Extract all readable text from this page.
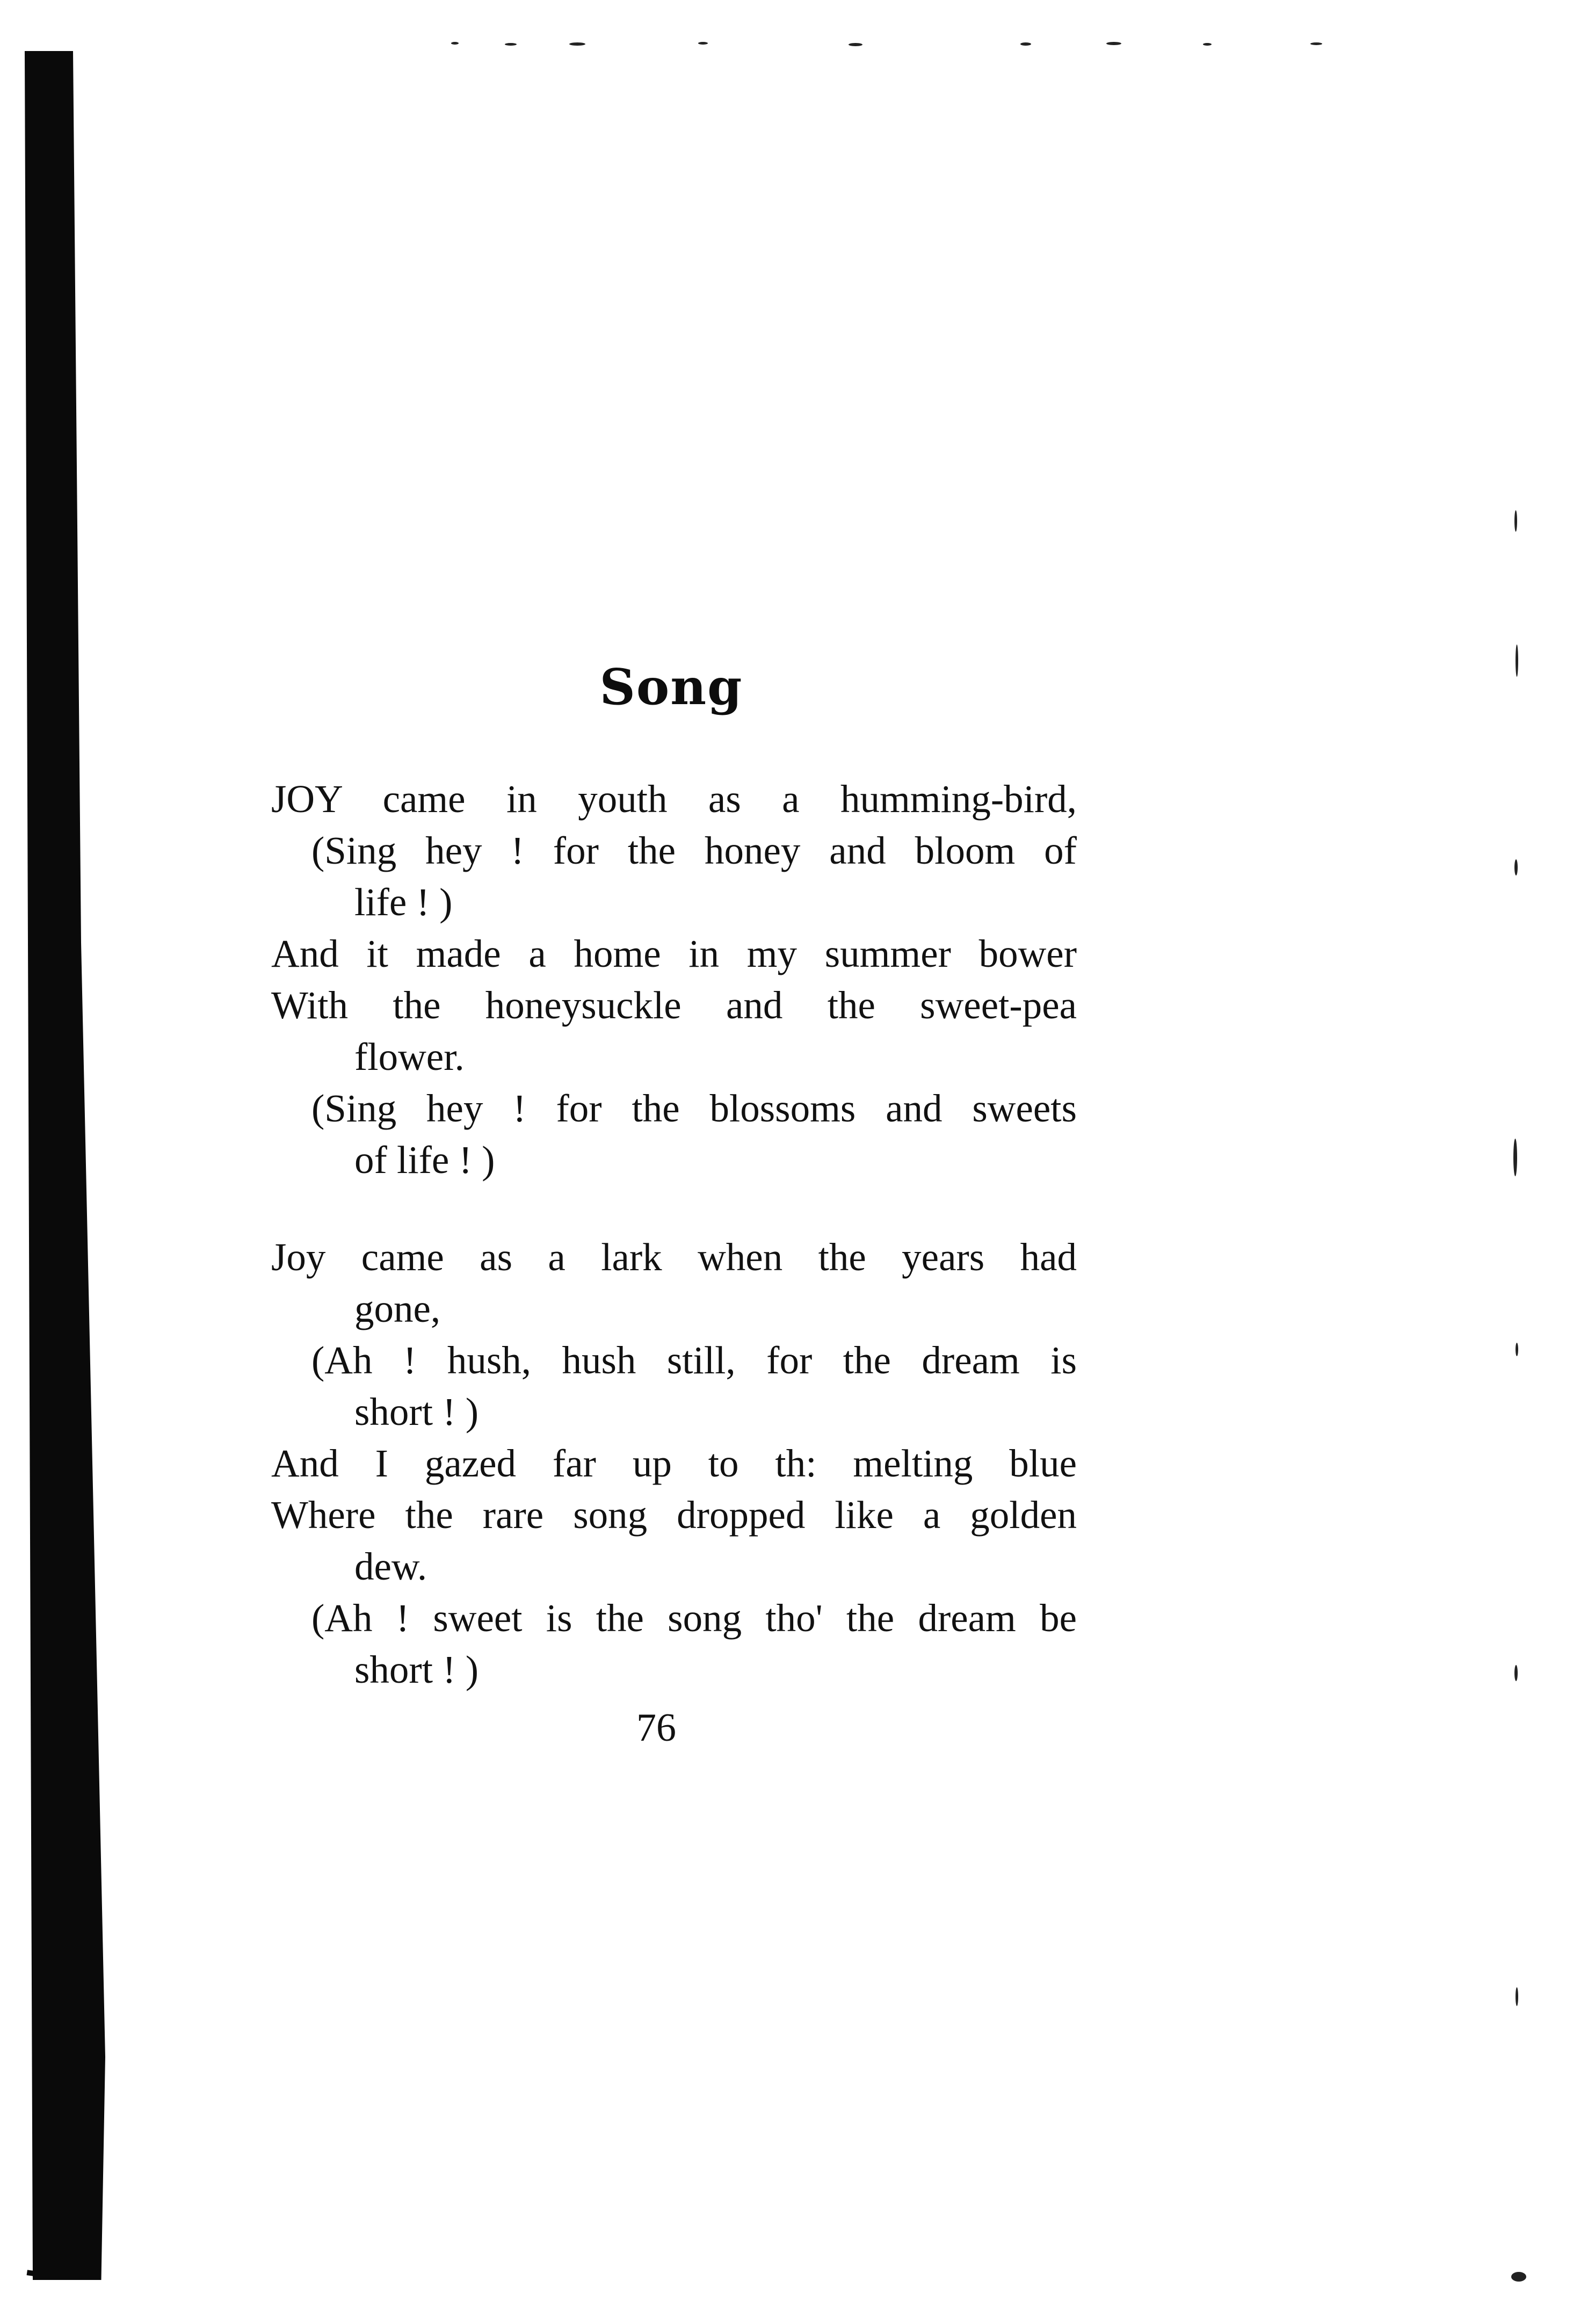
Song
JOY came in youth as a humming-bird,
(Sing hey ! for the honey and bloom of
life ! )
And it made a home in my summer bower
With the honeysuckle and the sweet-pea
flower.
(Sing hey ! for the blossoms and sweets
of life ! )
Joy came as a lark when the years had
gone,
(Ah ! hush, hush still, for the dream is
short ! )
And I gazed far up to th⁠: melting blue
Where the rare song dropped like a golden
dew.
(Ah ! sweet is the song tho' the dream be
short ! )
76
